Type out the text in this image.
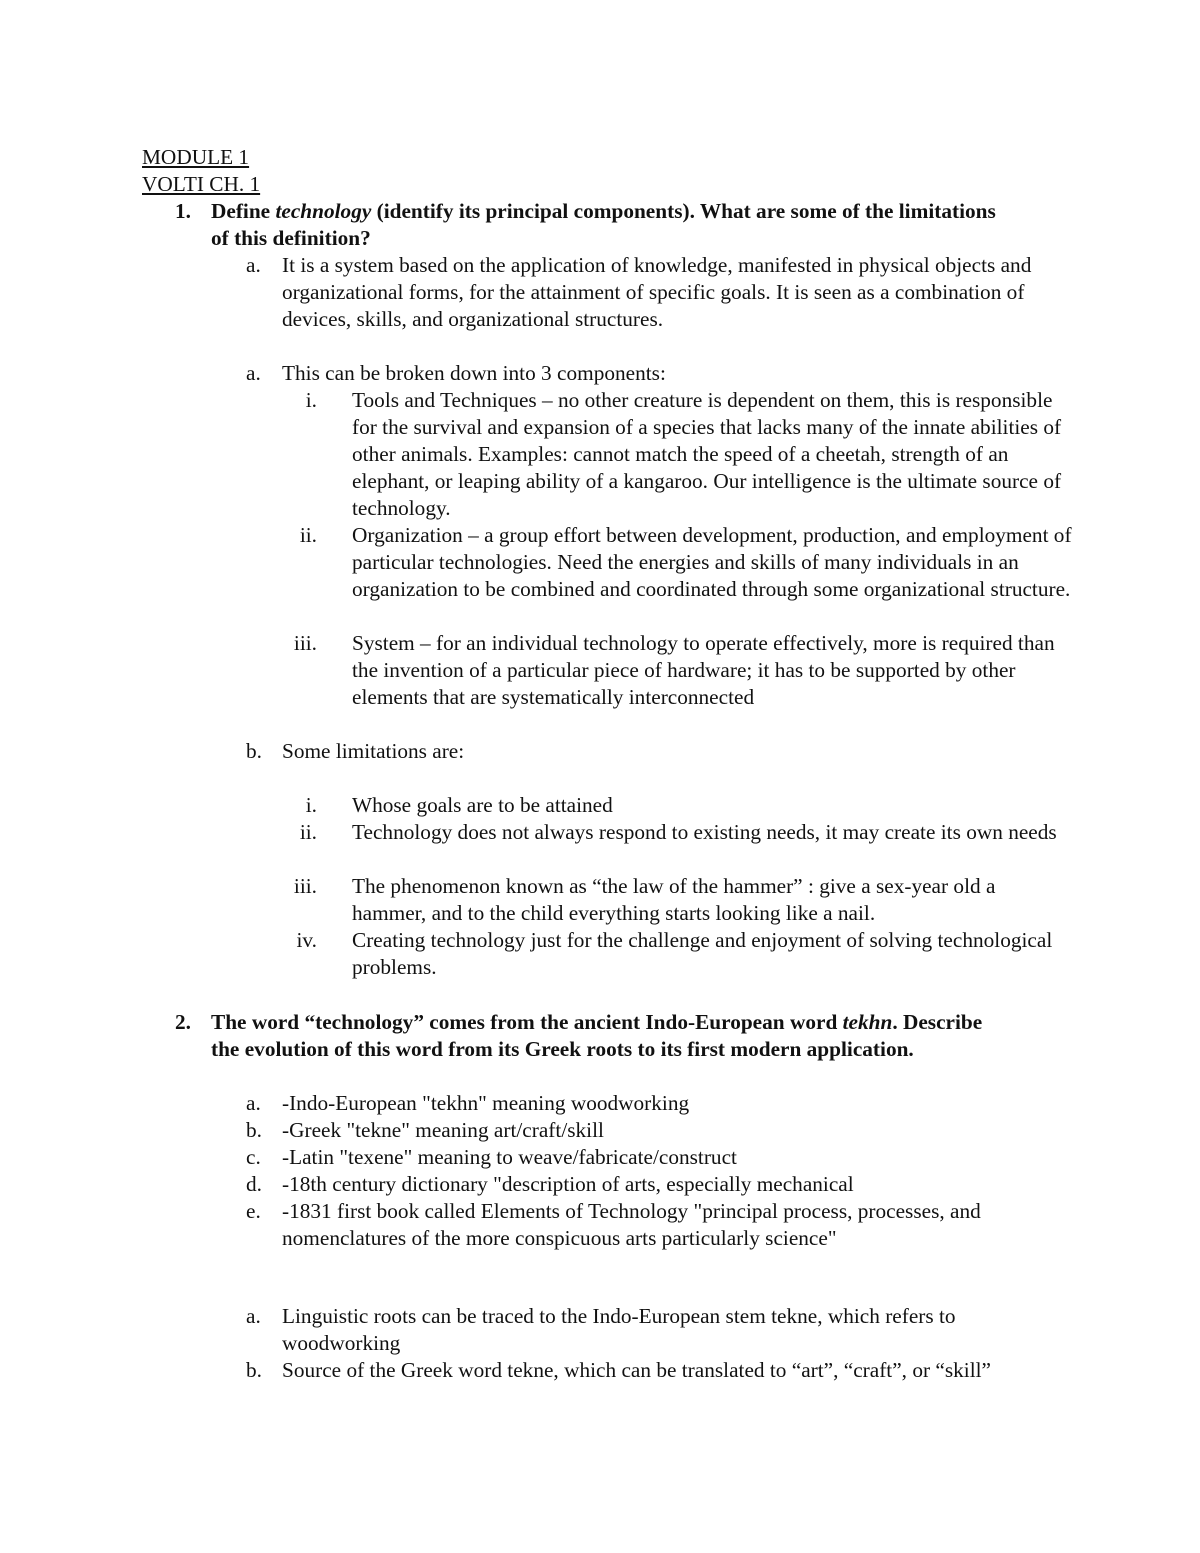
MODULE 1
VOLTI CH. 1
1. Define technology (identify its principal components). What are some of the limitations of this definition?
a. It is a system based on the application of knowledge, manifested in physical objects and organizational forms, for the attainment of specific goals. It is seen as a combination of devices, skills, and organizational structures.
a. This can be broken down into 3 components:
i. Tools and Techniques – no other creature is dependent on them, this is responsible for the survival and expansion of a species that lacks many of the innate abilities of other animals. Examples: cannot match the speed of a cheetah, strength of an elephant, or leaping ability of a kangaroo. Our intelligence is the ultimate source of technology.
ii. Organization – a group effort between development, production, and employment of particular technologies. Need the energies and skills of many individuals in an organization to be combined and coordinated through some organizational structure.
iii. System – for an individual technology to operate effectively, more is required than the invention of a particular piece of hardware; it has to be supported by other elements that are systematically interconnected
b. Some limitations are:
i. Whose goals are to be attained
ii. Technology does not always respond to existing needs, it may create its own needs
iii. The phenomenon known as “the law of the hammer” : give a sex-year old a hammer, and to the child everything starts looking like a nail.
iv. Creating technology just for the challenge and enjoyment of solving technological problems.
2. The word “technology” comes from the ancient Indo-European word tekhn. Describe the evolution of this word from its Greek roots to its first modern application.
a. -Indo-European "tekhn" meaning woodworking
b. -Greek "tekne" meaning art/craft/skill
c. -Latin "texene" meaning to weave/fabricate/construct
d. -18th century dictionary "description of arts, especially mechanical
e. -1831 first book called Elements of Technology "principal process, processes, and nomenclatures of the more conspicuous arts particularly science"
a. Linguistic roots can be traced to the Indo-European stem tekne, which refers to woodworking
b. Source of the Greek word tekne, which can be translated to “art”, “craft”, or “skill”
